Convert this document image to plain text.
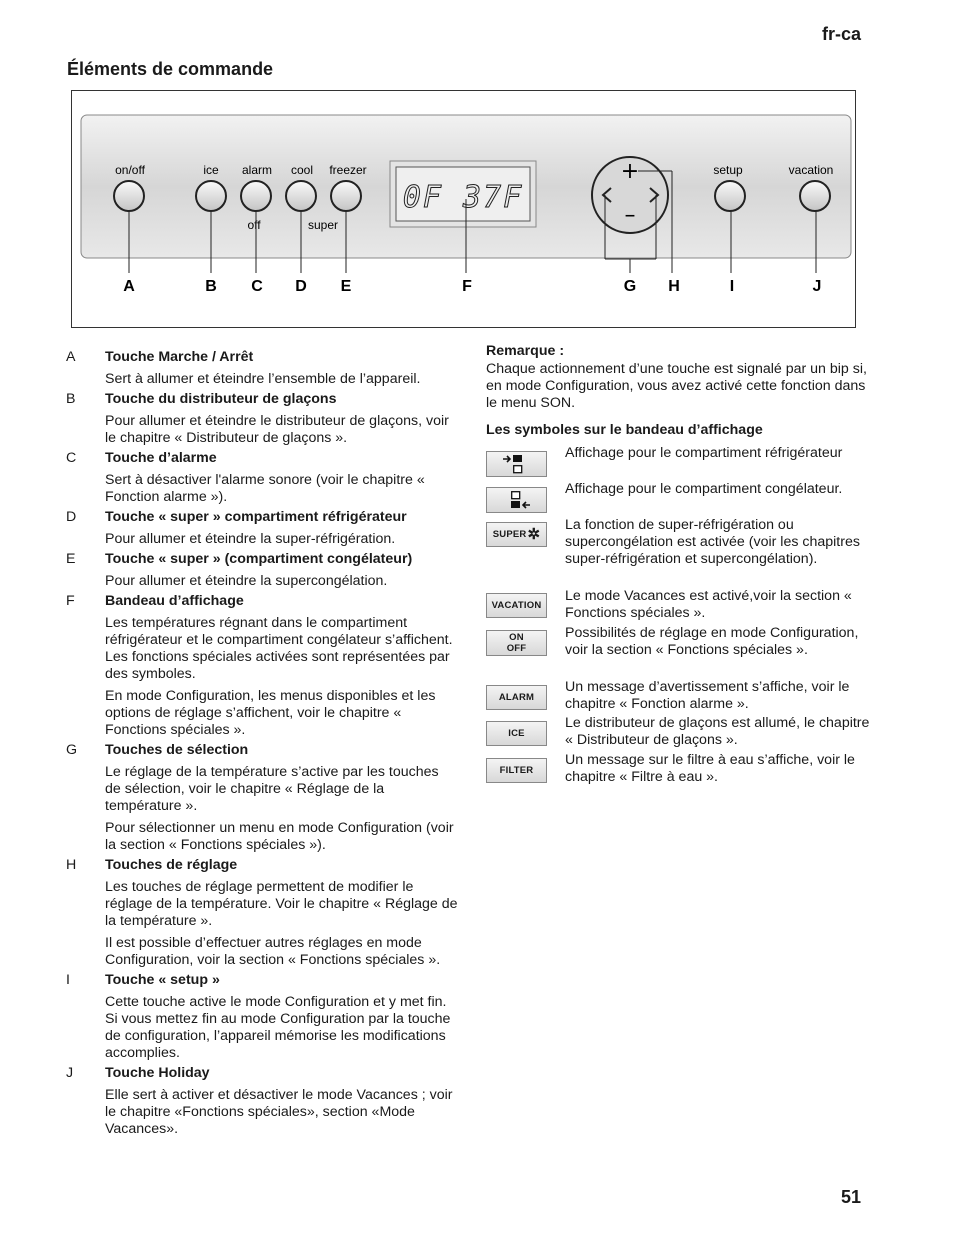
fr-ca
Éléments de commande
on/off	ice alarm cool freezer	setup	vacation
off	super
0F 37F
+
–
A	B C D E	F	G H	I	J
A Touche Marche / Arrêt
Sert à allumer et éteindre l’ensemble de l’appareil.
B Touche du distributeur de glaçons
Pour allumer et éteindre le distributeur de glaçons, voir le chapitre « Distributeur de glaçons ».
C Touche d’alarme
Sert à désactiver l'alarme sonore (voir le chapitre « Fonction alarme »).
D Touche « super » compartiment réfrigérateur
Pour allumer et éteindre la super-réfrigération.
E Touche « super » (compartiment congélateur)
Pour allumer et éteindre la supercongélation.
F Bandeau d’affichage
Les températures régnant dans le compartiment réfrigérateur et le compartiment congélateur s’affichent. Les fonctions spéciales activées sont représentées par des symboles.
En mode Configuration, les menus disponibles et les options de réglage s’affichent, voir le chapitre « Fonctions spéciales ».
G Touches de sélection
Le réglage de la température s’active par les touches de sélection, voir le chapitre « Réglage de la température ».
Pour sélectionner un menu en mode Configuration (voir la section « Fonctions spéciales »).
H Touches de réglage
Les touches de réglage permettent de modifier le réglage de la température. Voir le chapitre « Réglage de la température ».
Il est possible d’effectuer autres réglages en mode Configuration, voir la section « Fonctions spéciales ».
I Touche « setup »
Cette touche active le mode Configuration et y met fin. Si vous mettez fin au mode Configuration par la touche de configuration, l’appareil mémorise les modifications accomplies.
J Touche Holiday
Elle sert à activer et désactiver le mode Vacances ; voir le chapitre «Fonctions spéciales», section «Mode Vacances».
Remarque :
Chaque actionnement d’une touche est signalé par un bip si, en mode Configuration, vous avez activé cette fonction dans le menu SON.
Les symboles sur le bandeau d’affichage
Affichage pour le compartiment réfrigérateur
Affichage pour le compartiment congélateur.
SUPER ✲
La fonction de super-réfrigération ou supercongélation est activée (voir les chapitres super-réfrigération et supercongélation).
VACATION
Le mode Vacances est activé,voir la section « Fonctions spéciales ».
ON
OFF
Possibilités de réglage en mode Configuration, voir la section « Fonctions spéciales ».
ALARM
Un message d’avertissement s’affiche, voir le chapitre « Fonction alarme ».
ICE
Le distributeur de glaçons est allumé, le chapitre « Distributeur de glaçons ».
FILTER
Un message sur le filtre à eau s’affiche, voir le chapitre « Filtre à eau ».
51
